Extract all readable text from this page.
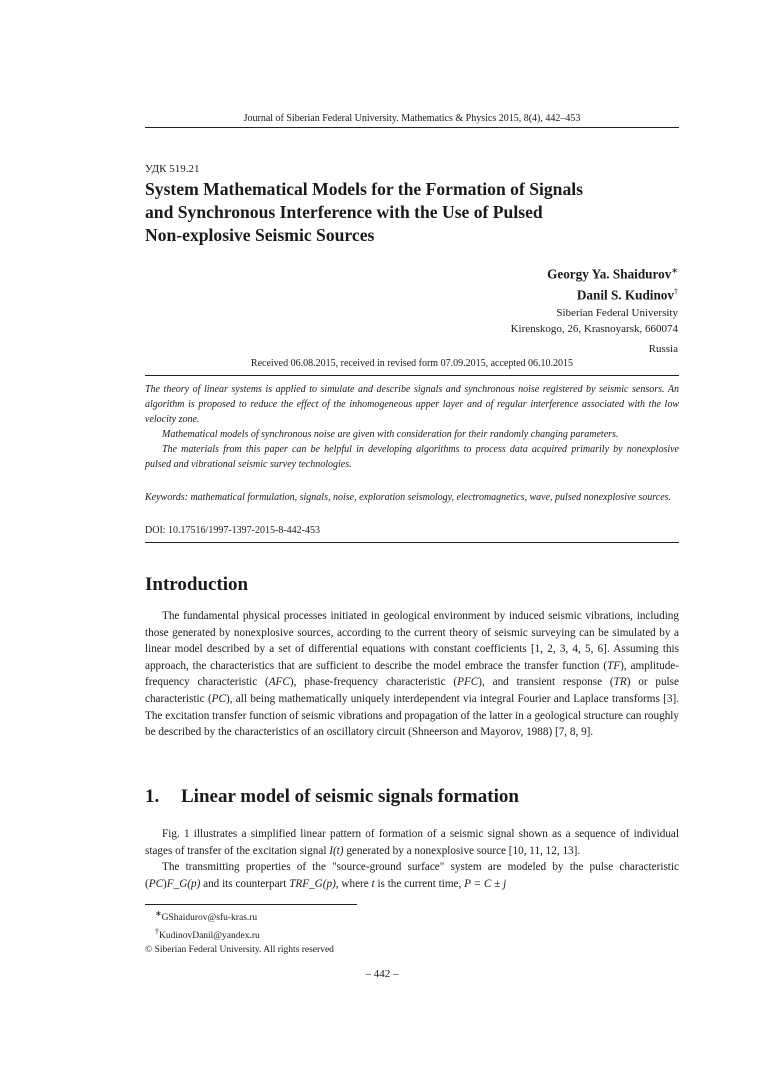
Journal of Siberian Federal University. Mathematics & Physics 2015, 8(4), 442–453
УДК 519.21
System Mathematical Models for the Formation of Signals
and Synchronous Interference with the Use of Pulsed
Non-explosive Seismic Sources
Georgy Ya. Shaidurov∗
Danil S. Kudinov†
Siberian Federal University
Kirenskogo, 26, Krasnoyarsk, 660074
Russia
Received 06.08.2015, received in revised form 07.09.2015, accepted 06.10.2015

The theory of linear systems is applied to simulate and describe signals and synchronous noise registered by seismic sensors. An algorithm is proposed to reduce the effect of the inhomogeneous upper layer and of regular interference associated with the low velocity zone.

Mathematical models of synchronous noise are given with consideration for their randomly changing parameters.

The materials from this paper can be helpful in developing algorithms to process data acquired primarily by nonexplosive pulsed and vibrational seismic survey technologies.

Keywords: mathematical formulation, signals, noise, exploration seismology, electromagnetics, wave, pulsed nonexplosive sources.
DOI: 10.17516/1997-1397-2015-8-442-453
Introduction

The fundamental physical processes initiated in geological environment by induced seismic vibrations, including those generated by nonexplosive sources, according to the current theory of seismic surveying can be simulated by a linear model described by a set of differential equations with constant coefficients [1, 2, 3, 4, 5, 6]. Assuming this approach, the characteristics that are sufficient to describe the model embrace the transfer function (TF), amplitude-frequency characteristic (AFC), phase-frequency characteristic (PFC), and transient response (TR) or pulse characteristic (PC), all being mathematically uniquely interdependent via integral Fourier and Laplace transforms [3]. The excitation transfer function of seismic vibrations and propagation of the latter in a geological structure can roughly be described by the characteristics of an oscillatory circuit (Shneerson and Mayorov, 1988) [7, 8, 9].

1. Linear model of seismic signals formation

Fig. 1 illustrates a simplified linear pattern of formation of a seismic signal shown as a sequence of individual stages of transfer of the excitation signal I(t) generated by a nonexplosive source [10, 11, 12, 13].

The transmitting properties of the "source-ground surface" system are modeled by the pulse characteristic (PC)F_G(p) and its counterpart TRF_G(p), where t is the current time, P = C ± j

∗GShaidurov@sfu-kras.ru
†KudinovDanil@yandex.ru
© Siberian Federal University. All rights reserved
– 442 –
